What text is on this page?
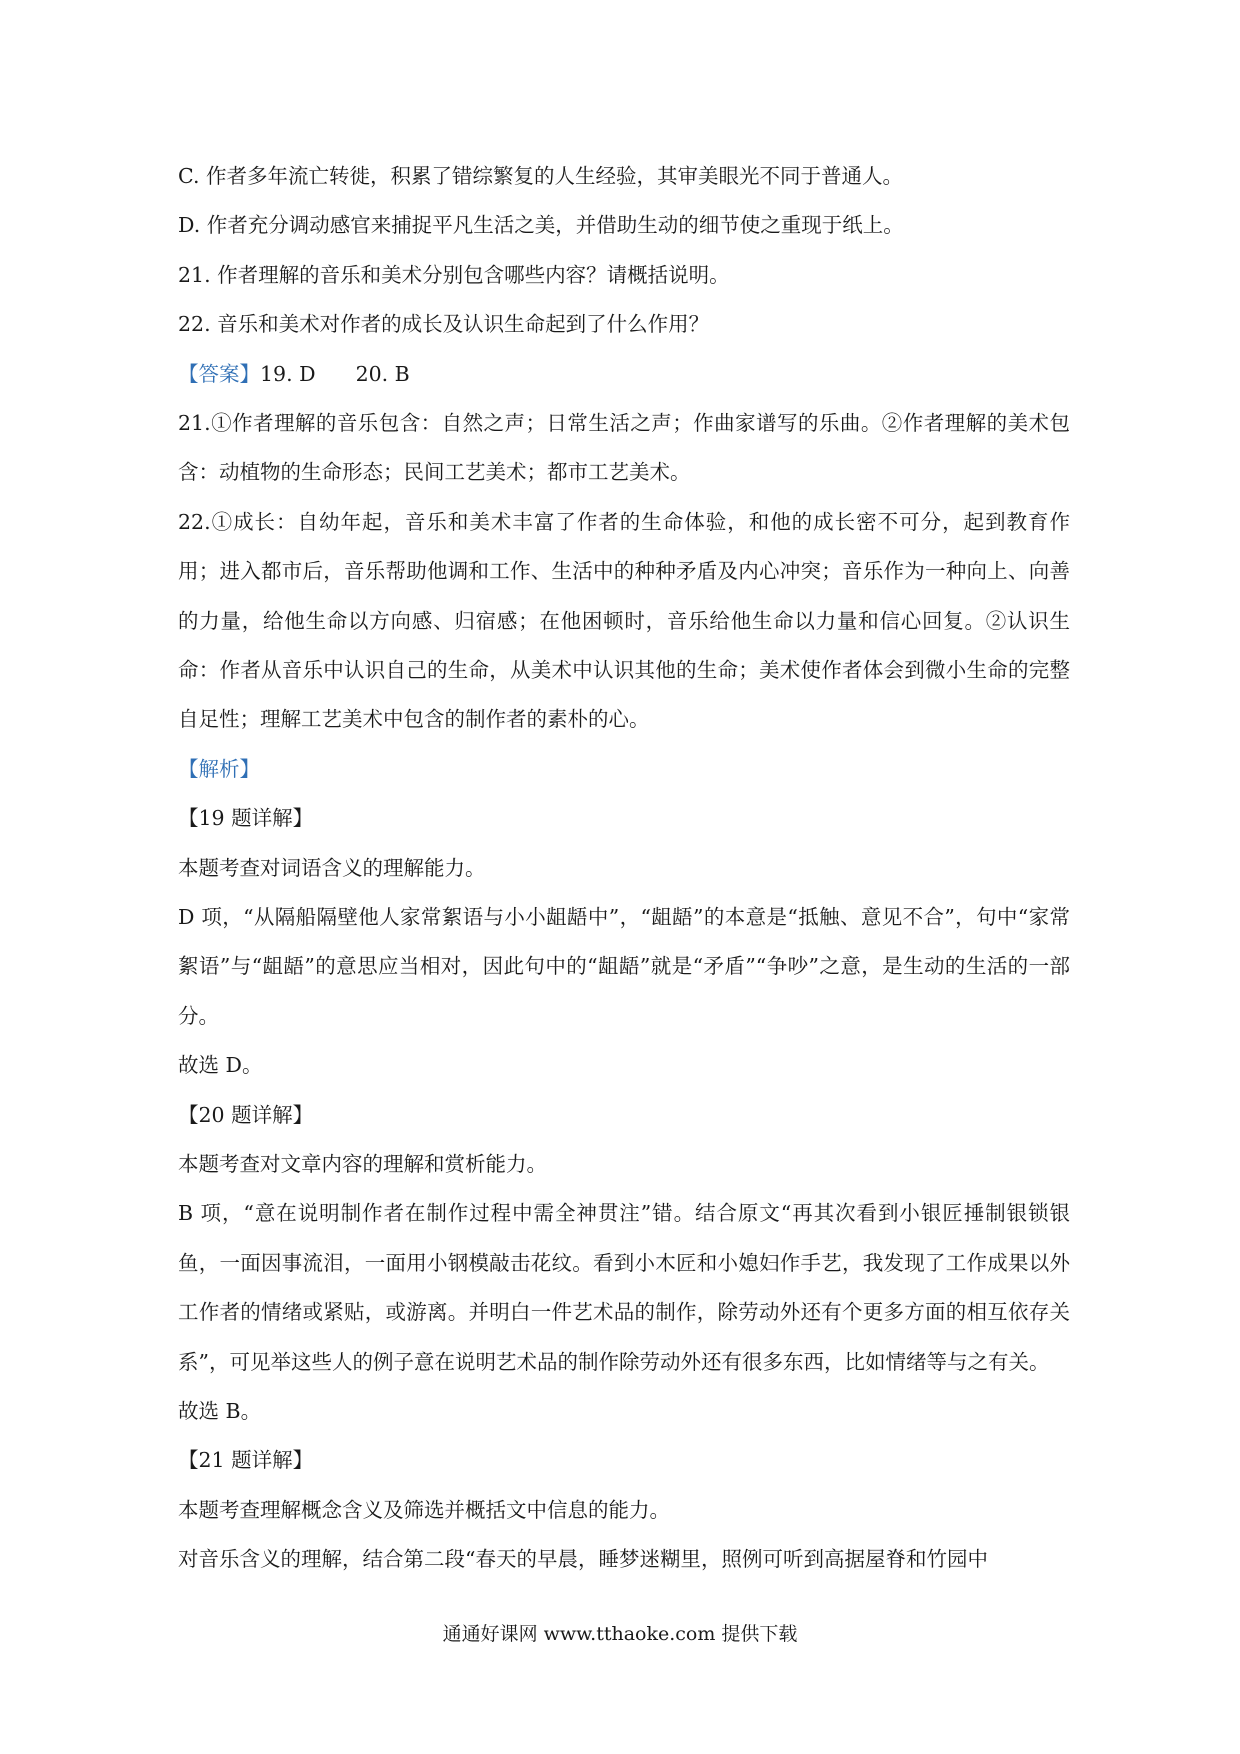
C. 作者多年流亡转徙，积累了错综繁复的人生经验，其审美眼光不同于普通人。
D. 作者充分调动感官来捕捉平凡生活之美，并借助生动的细节使之重现于纸上。
21. 作者理解的音乐和美术分别包含哪些内容？请概括说明。
22. 音乐和美术对作者的成长及认识生命起到了什么作用？
【答案】19. D 20. B
21.①作者理解的音乐包含：自然之声；日常生活之声；作曲家谱写的乐曲。②作者理解的美术包含：动植物的生命形态；民间工艺美术；都市工艺美术。
22.①成长：自幼年起，音乐和美术丰富了作者的生命体验，和他的成长密不可分，起到教育作用；进入都市后，音乐帮助他调和工作、生活中的种种矛盾及内心冲突；音乐作为一种向上、向善的力量，给他生命以方向感、归宿感；在他困顿时，音乐给他生命以力量和信心回复。②认识生命：作者从音乐中认识自己的生命，从美术中认识其他的生命；美术使作者体会到微小生命的完整自足性；理解工艺美术中包含的制作者的素朴的心。
【解析】
【19 题详解】
本题考查对词语含义的理解能力。
D 项，“从隔船隔壁他人家常絮语与小小龃龉中”，“龃龉”的本意是“抵触、意见不合”，句中“家常絮语”与“龃龉”的意思应当相对，因此句中的“龃龉”就是“矛盾”“争吵”之意，是生动的生活的一部分。
故选 D。
【20 题详解】
本题考查对文章内容的理解和赏析能力。
B 项，“意在说明制作者在制作过程中需全神贯注”错。结合原文“再其次看到小银匠捶制银锁银鱼，一面因事流泪，一面用小钢模敲击花纹。看到小木匠和小媳妇作手艺，我发现了工作成果以外工作者的情绪或紧贴，或游离。并明白一件艺术品的制作，除劳动外还有个更多方面的相互依存关系”，可见举这些人的例子意在说明艺术品的制作除劳动外还有很多东西，比如情绪等与之有关。
故选 B。
【21 题详解】
本题考查理解概念含义及筛选并概括文中信息的能力。
对音乐含义的理解，结合第二段“春天的早晨，睡梦迷糊里，照例可听到高据屋脊和竹园中
通通好课网 www.tthaoke.com 提供下载
